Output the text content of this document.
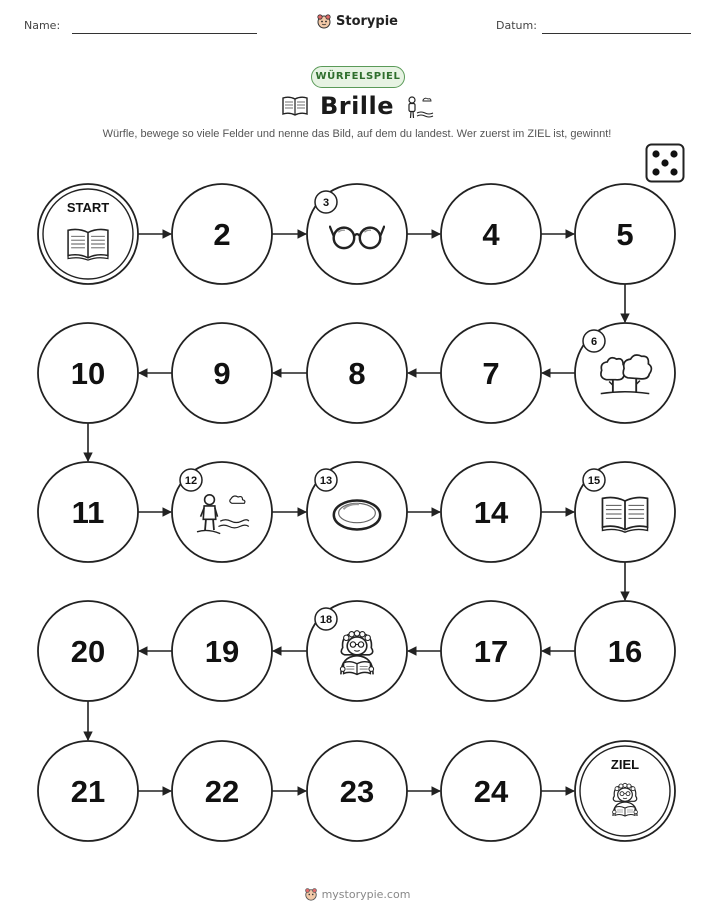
Name:	Storypie	Datum:
WÜRFELSPIEL
Brille
Würfle, bewege so viele Felder und nenne das Bild, auf dem du landest. Wer zuerst im ZIEL ist, gewinnt!
START
2
3
4	5
6
7
8
9
10
11
12	13
14
15
16
17
18
19
20
21	22	23	24
ZIEL
mystorypie.com
